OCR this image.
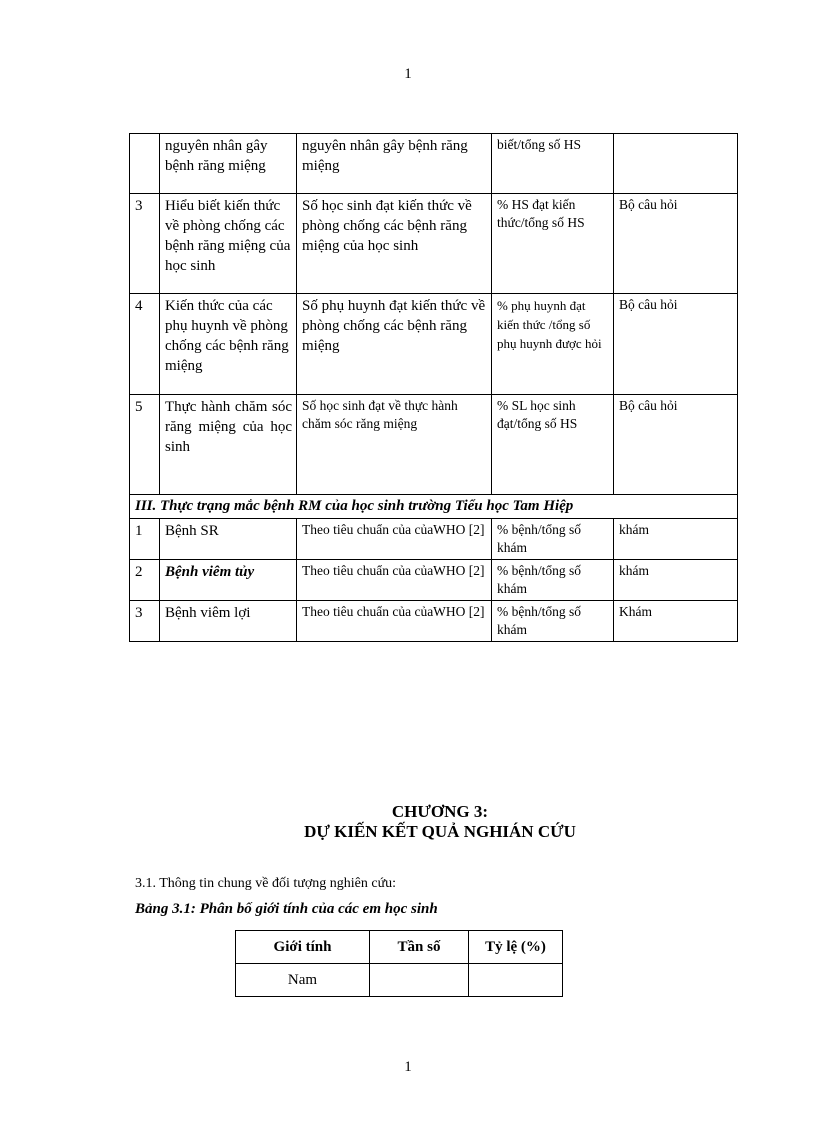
1
	nguyên nhân gây bệnh răng miệng	nguyên nhân gây bệnh răng miệng	biết/tổng số HS	
3	Hiểu biết kiến thức về phòng chống các bệnh răng miệng của học sinh	Số học sinh đạt kiến thức về phòng chống các bệnh răng miệng của học sinh	% HS đạt kiến thức/tổng số HS	Bộ câu hỏi
4	Kiến thức của các phụ huynh về phòng chống các bệnh răng miệng	Số phụ huynh đạt kiến thức về phòng chống các bệnh răng miệng	% phụ huynh đạt kiến thức /tổng số phụ huynh được hỏi	Bộ câu hỏi
5	Thực hành chăm sóc răng miệng của học sinh	Số học sinh đạt về thực hành chăm sóc răng miệng	% SL học sinh đạt/tổng số HS	Bộ câu hỏi
III. Thực trạng mắc bệnh RM của học sinh trường Tiểu học Tam Hiệp				
1	Bệnh SR	Theo tiêu chuẩn của củaWHO [2]	% bệnh/tổng số khám	khám
2	Bệnh viêm tủy	Theo tiêu chuẩn của củaWHO [2]	% bệnh/tổng số khám	khám
3	Bệnh viêm lợi	Theo tiêu chuẩn của củaWHO [2]	% bệnh/tổng số khám	Khám
CHƯƠNG 3:
DỰ KIẾN KẾT QUẢ NGHIÁN CỨU
3.1. Thông tin chung về đối tượng nghiên cứu:
Bảng 3.1: Phân bố giới tính của các em học sinh
Giới tính	Tần số	Tỷ lệ (%)
Nam		
1
